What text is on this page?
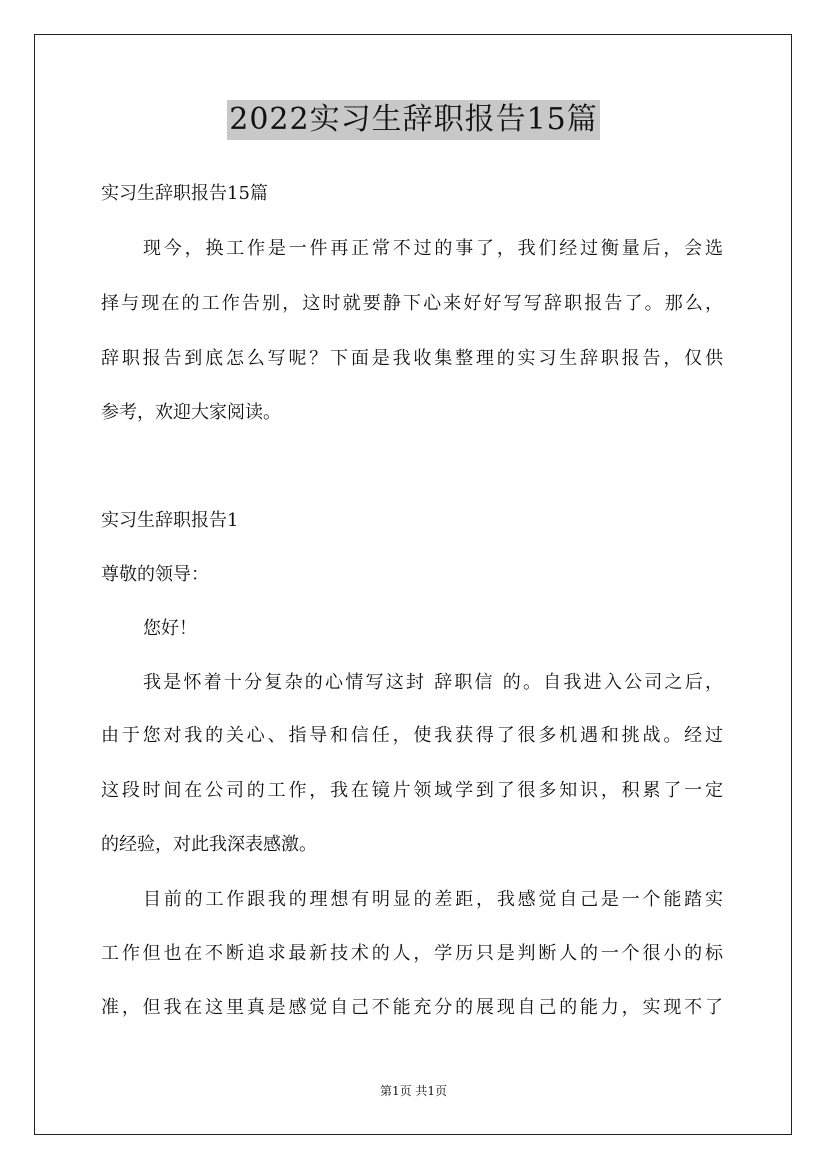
2022实习生辞职报告15篇
实习生辞职报告15篇
现今，换工作是一件再正常不过的事了，我们经过衡量后，会选
择与现在的工作告别，这时就要静下心来好好写写辞职报告了。那么，
辞职报告到底怎么写呢？下面是我收集整理的实习生辞职报告，仅供
参考，欢迎大家阅读。
实习生辞职报告1
尊敬的领导：
您好！
我是怀着十分复杂的心情写这封 辞职信 的。自我进入公司之后，
由于您对我的关心、指导和信任，使我获得了很多机遇和挑战。经过
这段时间在公司的工作，我在镜片领域学到了很多知识，积累了一定
的经验，对此我深表感激。
目前的工作跟我的理想有明显的差距，我感觉自己是一个能踏实
工作但也在不断追求最新技术的人，学历只是判断人的一个很小的标
准，但我在这里真是感觉自己不能充分的展现自己的能力，实现不了
第1页 共1页
